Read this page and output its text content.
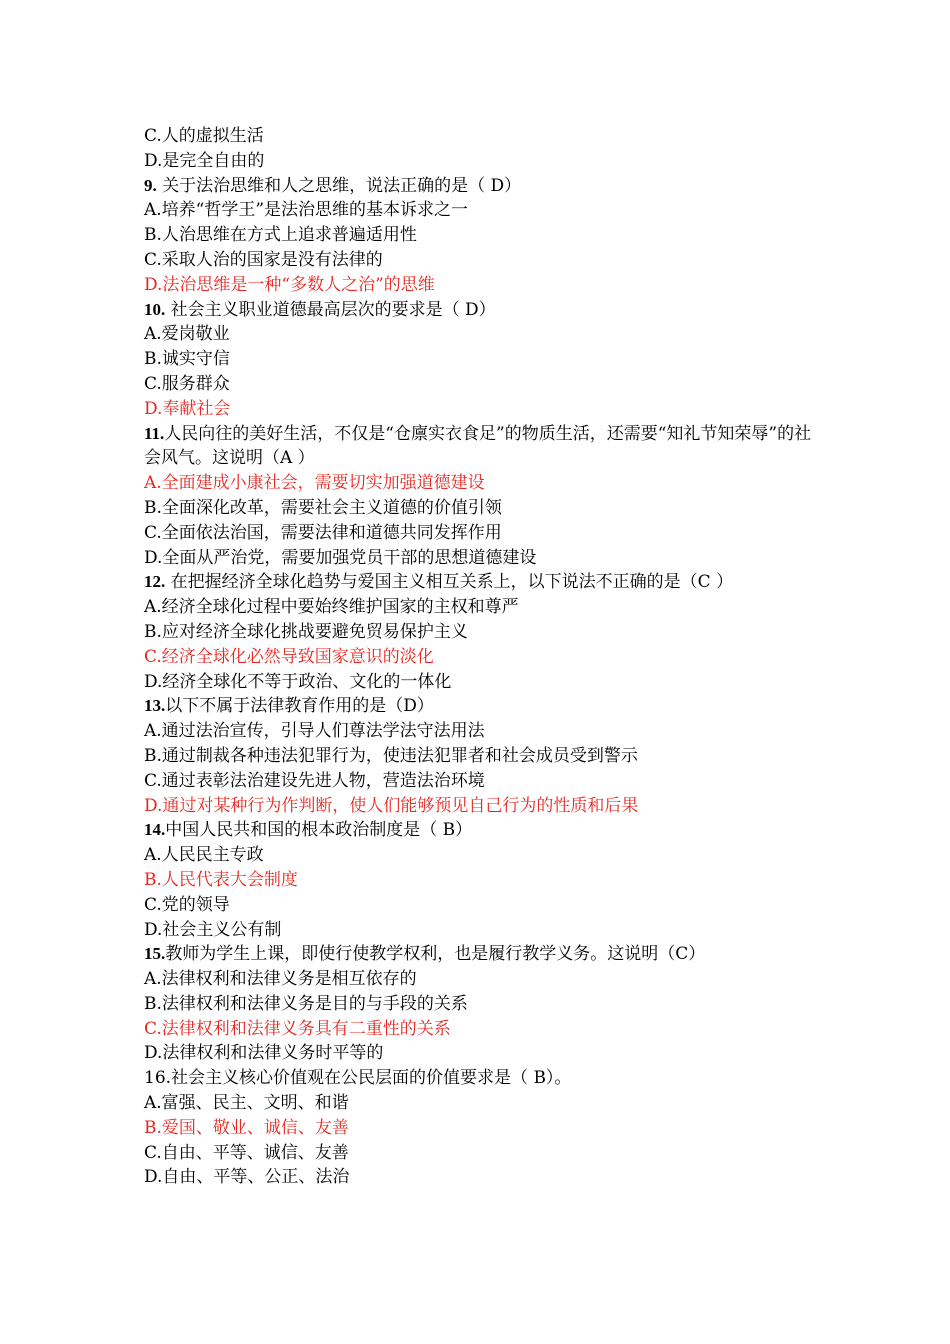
C.人的虚拟生活
D.是完全自由的
9. 关于法治思维和人之思维，说法正确的是（ D）
A.培养“哲学王”是法治思维的基本诉求之一
B.人治思维在方式上追求普遍适用性
C.采取人治的国家是没有法律的
D.法治思维是一种“多数人之治”的思维
10. 社会主义职业道德最高层次的要求是（ D）
A.爱岗敬业
B.诚实守信
C.服务群众
D.奉献社会
11.人民向往的美好生活，不仅是“仓廪实衣食足”的物质生活，还需要“知礼节知荣辱”的社会风气。这说明（A ）
A.全面建成小康社会，需要切实加强道德建设
B.全面深化改革，需要社会主义道德的价值引领
C.全面依法治国，需要法律和道德共同发挥作用
D.全面从严治党，需要加强党员干部的思想道德建设
12. 在把握经济全球化趋势与爱国主义相互关系上，以下说法不正确的是（C ）
A.经济全球化过程中要始终维护国家的主权和尊严
B.应对经济全球化挑战要避免贸易保护主义
C.经济全球化必然导致国家意识的淡化
D.经济全球化不等于政治、文化的一体化
13.以下不属于法律教育作用的是（D）
A.通过法治宣传，引导人们尊法学法守法用法
B.通过制裁各种违法犯罪行为，使违法犯罪者和社会成员受到警示
C.通过表彰法治建设先进人物，营造法治环境
D.通过对某种行为作判断，使人们能够预见自己行为的性质和后果
14.中国人民共和国的根本政治制度是（ B）
A.人民民主专政
B.人民代表大会制度
C.党的领导
D.社会主义公有制
15.教师为学生上课，即使行使教学权利，也是履行教学义务。这说明（C）
A.法律权利和法律义务是相互依存的
B.法律权利和法律义务是目的与手段的关系
C.法律权利和法律义务具有二重性的关系
D.法律权利和法律义务时平等的
16.社会主义核心价值观在公民层面的价值要求是（ B）。
A.富强、民主、文明、和谐
B.爱国、敬业、诚信、友善
C.自由、平等、诚信、友善
D.自由、平等、公正、法治
